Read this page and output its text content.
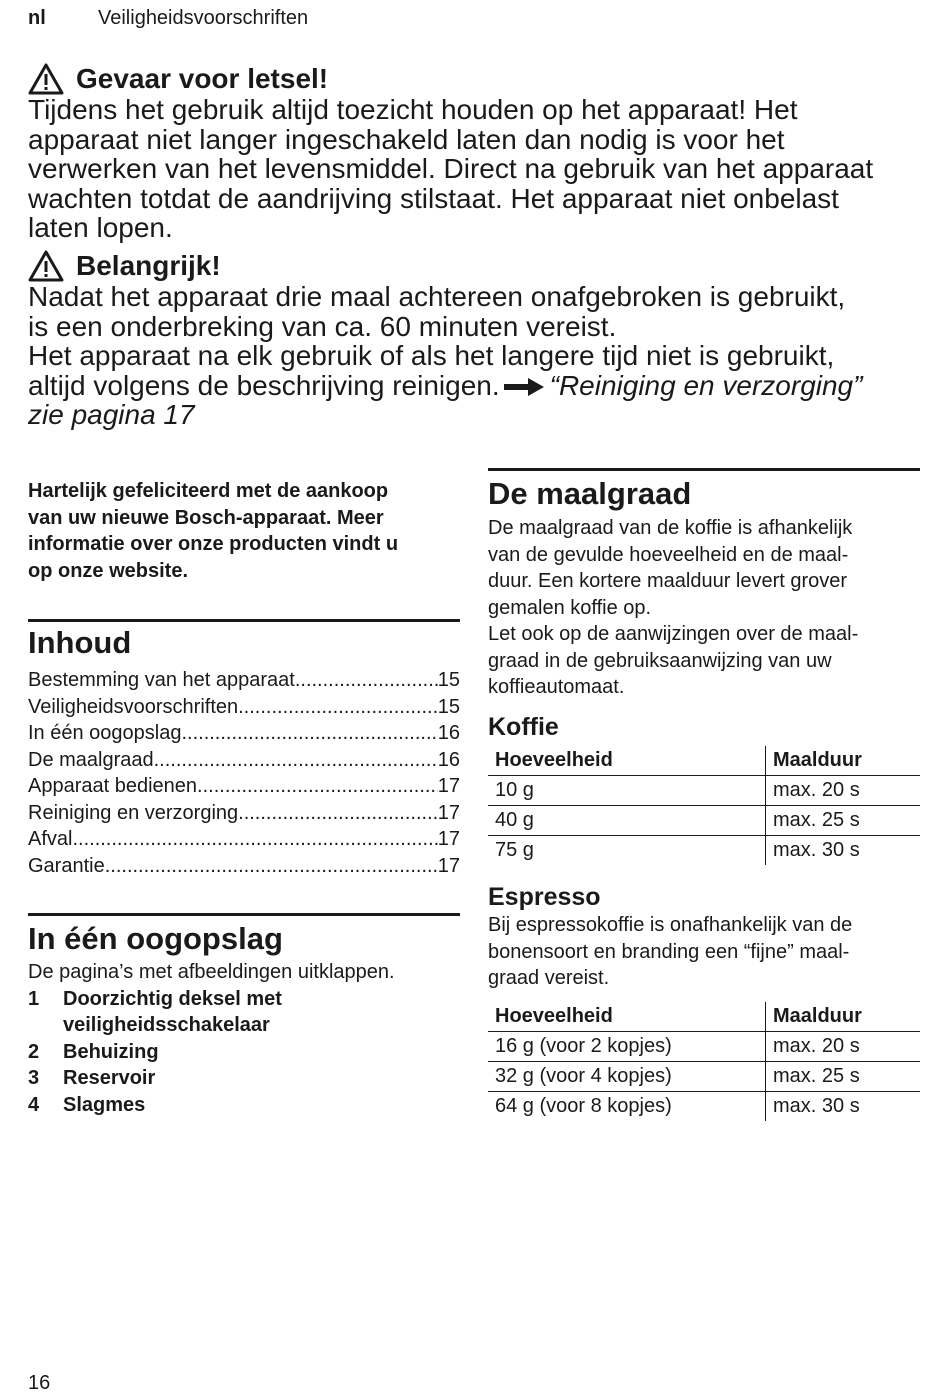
nl	Veiligheidsvoorschriften
Gevaar voor letsel!
Tijdens het gebruik altijd toezicht houden op het apparaat! Het
apparaat niet langer ingeschakeld laten dan nodig is voor het
verwerken van het levensmiddel. Direct na gebruik van het apparaat
wachten totdat de aandrijving stilstaat. Het apparaat niet onbelast
laten lopen.
Belangrijk!
Nadat het apparaat drie maal achtereen onafgebroken is gebruikt,
is een onderbreking van ca. 60 minuten vereist.
Het apparaat na elk gebruik of als het langere tijd niet is gebruikt,
altijd volgens de beschrijving reinigen. “Reiniging en verzorging”
zie pagina 17
Hartelijk gefeliciteerd met de aankoop
van uw nieuwe Bosch-apparaat. Meer
informatie over onze producten vindt u
op onze website.
Inhoud
Bestemming van het apparaat .....	15
Veiligheidsvoorschriften .....	15
In één oogopslag .....	16
De maalgraad .....	16
Apparaat bedienen .....	17
Reiniging en verzorging .....	17
Afval .....	17
Garantie .....	17
In één oogopslag
De pagina’s met afbeeldingen uitklappen.
1	Doorzichtig deksel met
veiligheidsschakelaar
2	Behuizing
3	Reservoir
4	Slagmes
De maalgraad
De maalgraad van de koffie is afhankelijk
van de gevulde hoeveelheid en de maal-
duur. Een kortere maalduur levert grover
gemalen koffie op.
Let ook op de aanwijzingen over de maal-
graad in de gebruiksaanwijzing van uw
koffieautomaat.
Koffie
Hoeveelheid	Maalduur
10 g	max. 20 s
40 g	max. 25 s
75 g	max. 30 s
Espresso
Bij espressokoffie is onafhankelijk van de
bonensoort en branding een “fijne” maal-
graad vereist.
Hoeveelheid	Maalduur
16 g (voor 2 kopjes)	max. 20 s
32 g (voor 4 kopjes)	max. 25 s
64 g (voor 8 kopjes)	max. 30 s
16
